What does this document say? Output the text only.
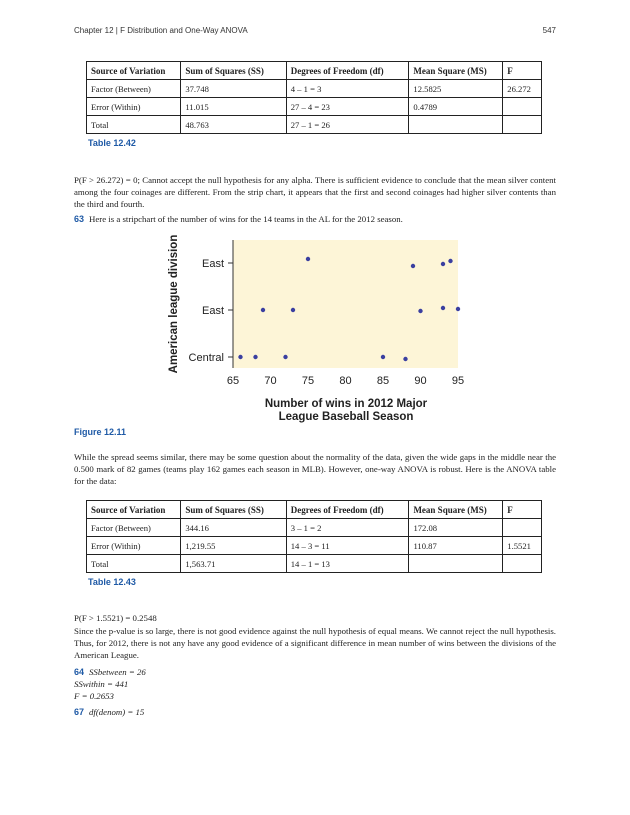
Chapter 12 | F Distribution and One-Way ANOVA	547
Source of Variation	Sum of Squares (SS)	Degrees of Freedom (df)	Mean Square (MS)	F
Factor (Between)	37.748	4 – 1 = 3	12.5825	26.272
Error (Within)	11.015	27 – 4 = 23	0.4789	
Total	48.763	27 – 1 = 26		
Table 12.42
P(F > 26.272) = 0; Cannot accept the null hypothesis for any alpha. There is sufficient evidence to conclude that the mean silver content among the four coinages are different. From the strip chart, it appears that the first and second coinages had higher silver contents than the third and fourth.
63 Here is a stripchart of the number of wins for the 14 teams in the AL for the 2012 season.
Central
East
East
65 70 75 80 85 90 95
Number of wins in 2012 Major League Baseball Season
American league division
Figure 12.11
While the spread seems similar, there may be some question about the normality of the data, given the wide gaps in the middle near the 0.500 mark of 82 games (teams play 162 games each season in MLB). However, one-way ANOVA is robust. Here is the ANOVA table for the data:
Source of Variation	Sum of Squares (SS)	Degrees of Freedom (df)	Mean Square (MS)	F
Factor (Between)	344.16	3 – 1 = 2	172.08	
Error (Within)	1,219.55	14 – 3 = 11	110.87	1.5521
Total	1,563.71	14 – 1 = 13		
Table 12.43
P(F > 1.5521) = 0.2548
Since the p-value is so large, there is not good evidence against the null hypothesis of equal means. We cannot reject the null hypothesis. Thus, for 2012, there is not any have any good evidence of a significant difference in mean number of wins between the divisions of the American League.
64 SSbetween = 26
SSwithin = 441
F = 0.2653
67 df(denom) = 15
